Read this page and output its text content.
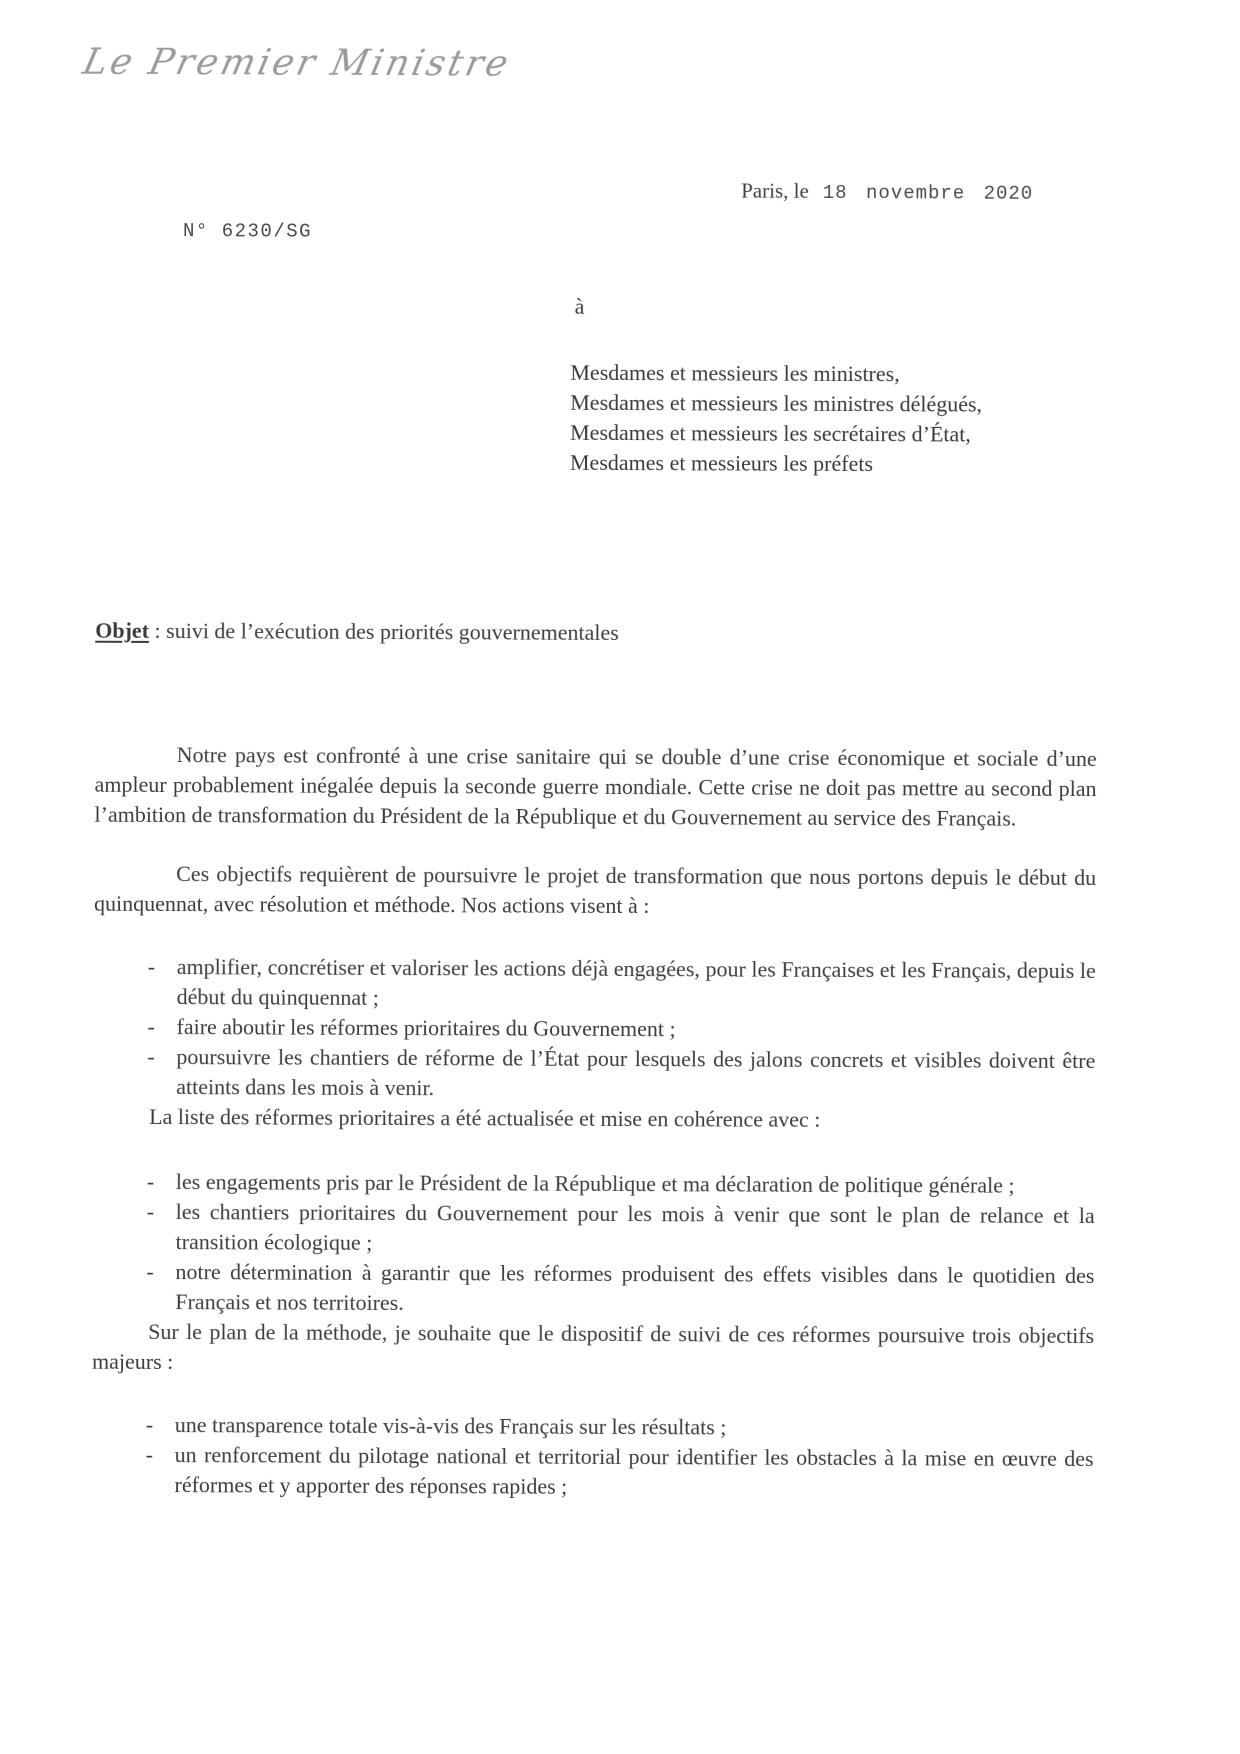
Le Premier Ministre
Paris, le 18 novembre 2020
N° 6230/SG
à
Mesdames et messieurs les ministres,
Mesdames et messieurs les ministres délégués,
Mesdames et messieurs les secrétaires d’État,
Mesdames et messieurs les préfets
Objet : suivi de l’exécution des priorités gouvernementales

Notre pays est confronté à une crise sanitaire qui se double d’une crise économique et sociale d’une ampleur probablement inégalée depuis la seconde guerre mondiale. Cette crise ne doit pas mettre au second plan l’ambition de transformation du Président de la République et du Gouvernement au service des Français.

Ces objectifs requièrent de poursuivre le projet de transformation que nous portons depuis le début du quinquennat, avec résolution et méthode. Nos actions visent à :

- amplifier, concrétiser et valoriser les actions déjà engagées, pour les Françaises et les Français, depuis le début du quinquennat ;
- faire aboutir les réformes prioritaires du Gouvernement ;
- poursuivre les chantiers de réforme de l’État pour lesquels des jalons concrets et visibles doivent être atteints dans les mois à venir.

La liste des réformes prioritaires a été actualisée et mise en cohérence avec :

- les engagements pris par le Président de la République et ma déclaration de politique générale ;
- les chantiers prioritaires du Gouvernement pour les mois à venir que sont le plan de relance et la transition écologique ;
- notre détermination à garantir que les réformes produisent des effets visibles dans le quotidien des Français et nos territoires.

Sur le plan de la méthode, je souhaite que le dispositif de suivi de ces réformes poursuive trois objectifs majeurs :

- une transparence totale vis-à-vis des Français sur les résultats ;
- un renforcement du pilotage national et territorial pour identifier les obstacles à la mise en œuvre des réformes et y apporter des réponses rapides ;
